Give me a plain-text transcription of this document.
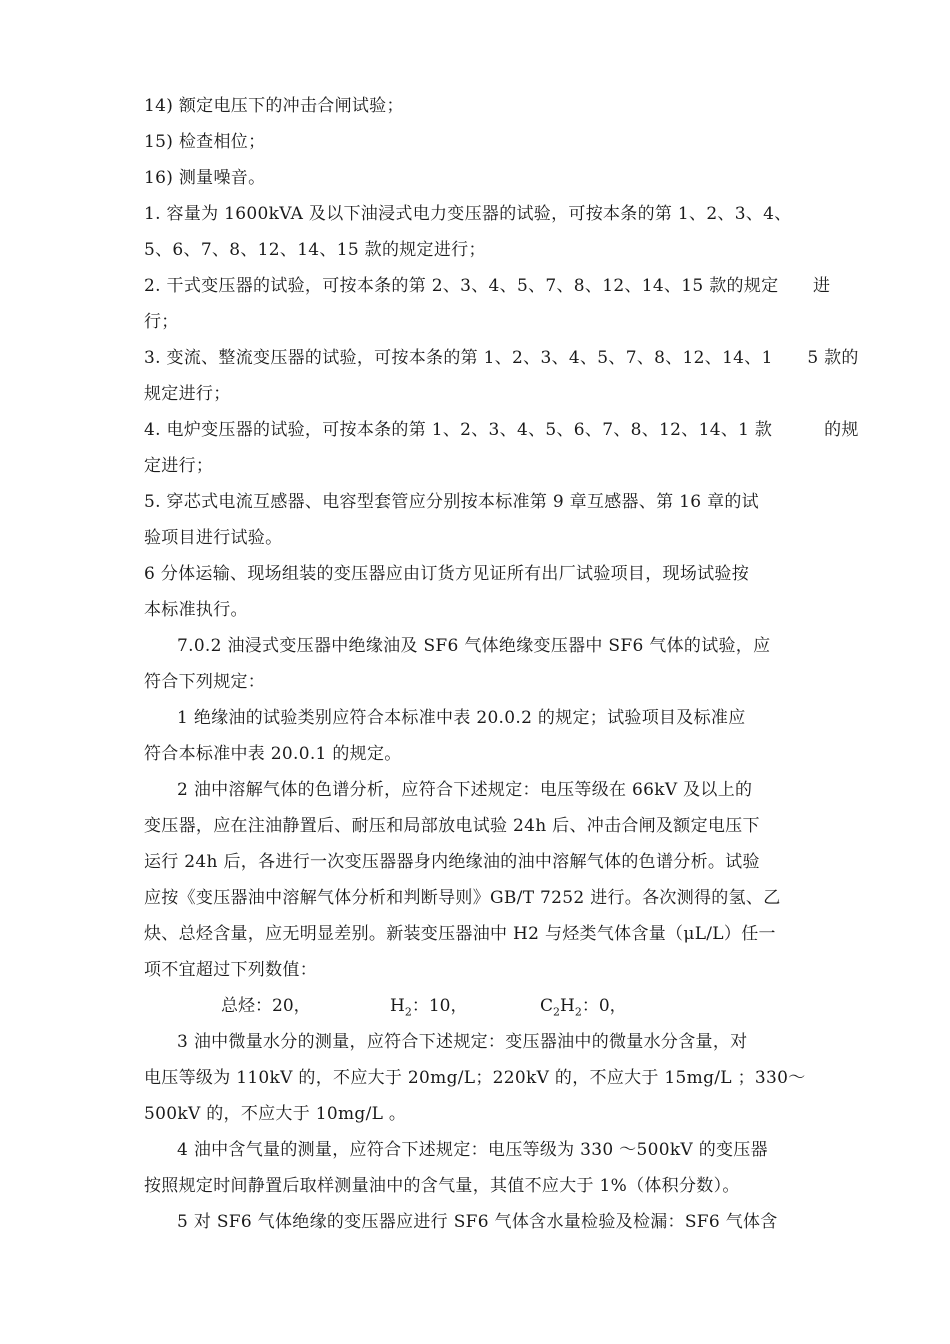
14) 额定电压下的冲击合闸试验；
15) 检查相位；
16) 测量噪音。
1. 容量为 1600kVA 及以下油浸式电力变压器的试验，可按本条的第 1、2、3、4、
5、6、7、8、12、14、15 款的规定进行；
2. 干式变压器的试验，可按本条的第 2、3、4、5、7、8、12、14、15 款的规定　　进
行；
3. 变流、整流变压器的试验，可按本条的第 1、2、3、4、5、7、8、12、14、1　　5 款的
规定进行；
4. 电炉变压器的试验，可按本条的第 1、2、3、4、5、6、7、8、12、14、1 款　　　的规
定进行；
5. 穿芯式电流互感器、电容型套管应分别按本标准第 9 章互感器、第 16 章的试
验项目进行试验。
6 分体运输、现场组装的变压器应由订货方见证所有出厂试验项目，现场试验按
本标准执行。
7.0.2 油浸式变压器中绝缘油及 SF6 气体绝缘变压器中 SF6 气体的试验，应
符合下列规定：
1 绝缘油的试验类别应符合本标准中表 20.0.2 的规定；试验项目及标准应
符合本标准中表 20.0.1 的规定。
2 油中溶解气体的色谱分析，应符合下述规定：电压等级在 66kV 及以上的
变压器，应在注油静置后、耐压和局部放电试验 24h 后、冲击合闸及额定电压下
运行 24h 后，各进行一次变压器器身内绝缘油的油中溶解气体的色谱分析。试验
应按《变压器油中溶解气体分析和判断导则》GB/T 7252 进行。各次测得的氢、乙
炔、总烃含量，应无明显差别。新装变压器油中 H2 与烃类气体含量（μL/L）任一
项不宜超过下列数值：
总烃：20，	$H_2$：10，	$C_2H_2$：0，
3 油中微量水分的测量，应符合下述规定：变压器油中的微量水分含量，对
电压等级为 110kV 的，不应大于 20mg/L；220kV 的，不应大于 15mg/L ；330～
500kV 的，不应大于 10mg/L 。
4 油中含气量的测量，应符合下述规定：电压等级为 330 ～500kV 的变压器
按照规定时间静置后取样测量油中的含气量，其值不应大于 1%（体积分数）。
5 对 SF6 气体绝缘的变压器应进行 SF6 气体含水量检验及检漏：SF6 气体含
